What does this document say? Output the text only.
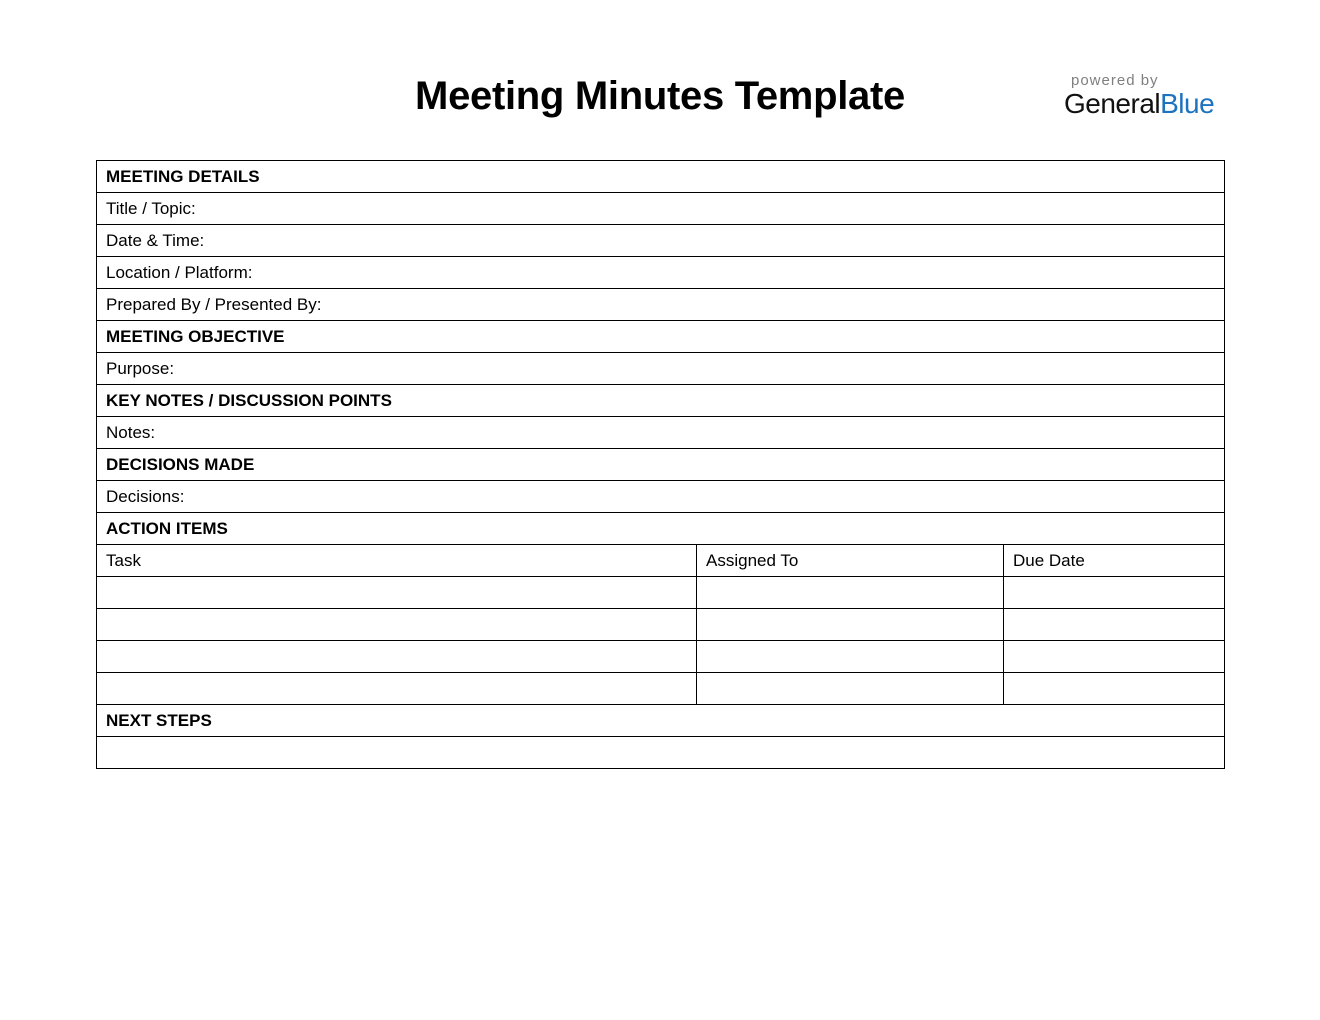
Meeting Minutes Template	powered by
GeneralBlue
MEETING DETAILS		
Title / Topic:		
Date & Time:		
Location / Platform:		
Prepared By / Presented By:		
MEETING OBJECTIVE		
Purpose:		
KEY NOTES / DISCUSSION POINTS		
Notes:		
DECISIONS MADE		
Decisions:		
ACTION ITEMS		
Task	Assigned To	Due Date

NEXT STEPS		
